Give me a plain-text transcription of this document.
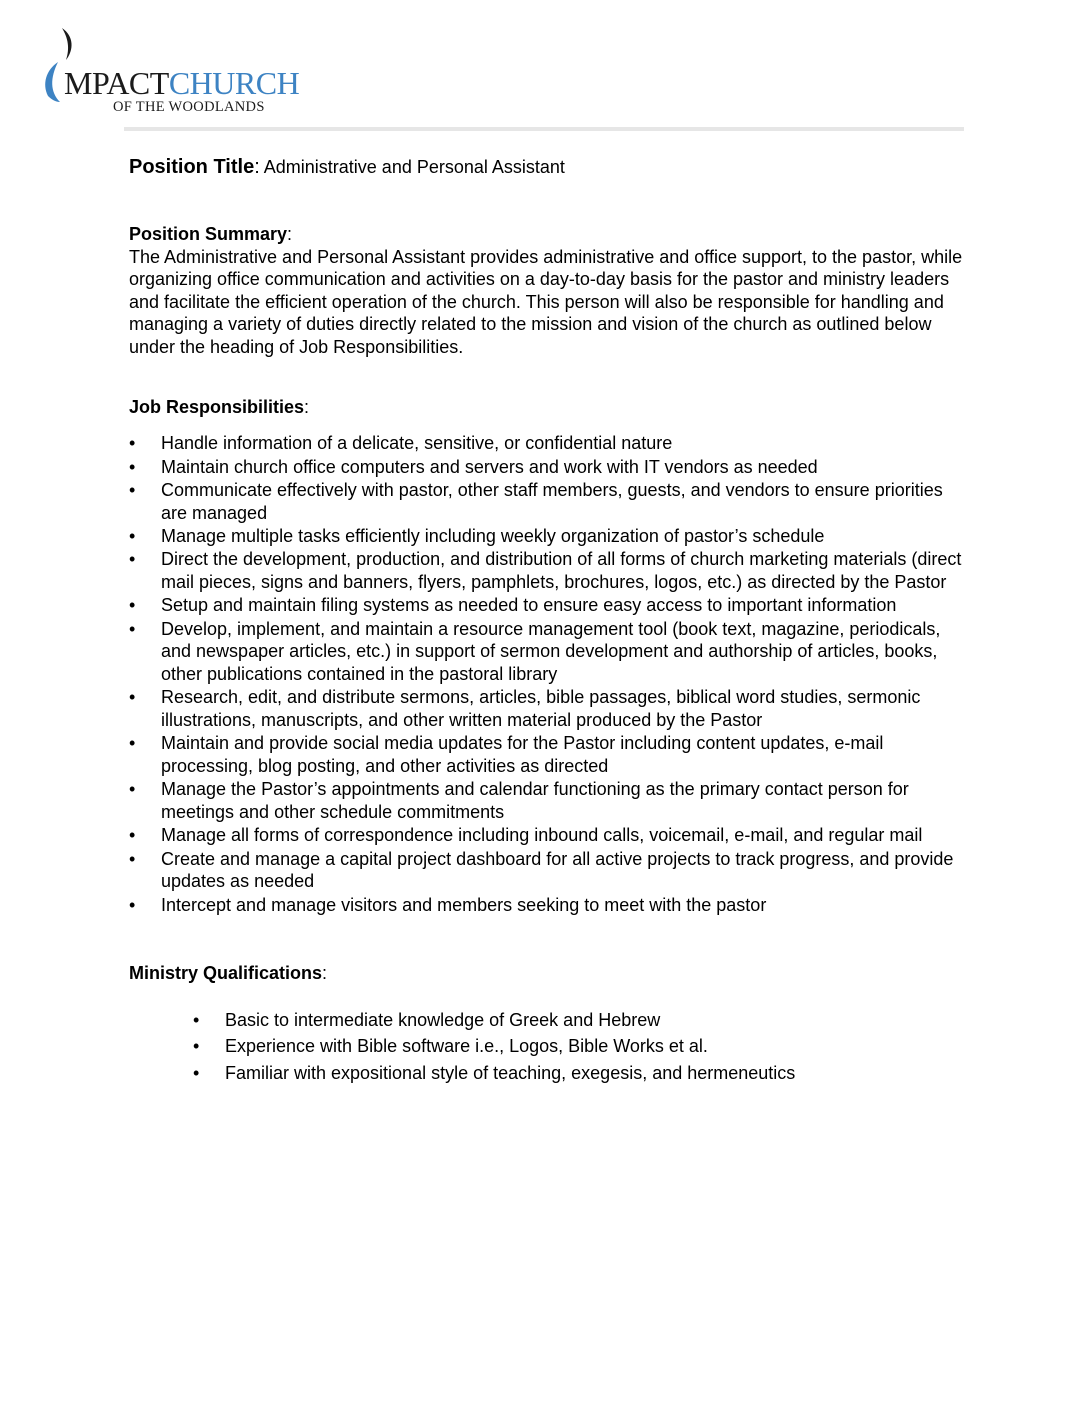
MPACTCHURCH
OF THE WOODLANDS

Position Title: Administrative and Personal Assistant

Position Summary:

The Administrative and Personal Assistant provides administrative and office support, to the pastor, while organizing office communication and activities on a day-to-day basis for the pastor and ministry leaders and facilitate the efficient operation of the church. This person will also be responsible for handling and managing a variety of duties directly related to the mission and vision of the church as outlined below under the heading of Job Responsibilities.

Job Responsibilities:

• Handle information of a delicate, sensitive, or confidential nature
• Maintain church office computers and servers and work with IT vendors as needed
• Communicate effectively with pastor, other staff members, guests, and vendors to ensure priorities are managed
• Manage multiple tasks efficiently including weekly organization of pastor’s schedule
• Direct the development, production, and distribution of all forms of church marketing materials (direct mail pieces, signs and banners, flyers, pamphlets, brochures, logos, etc.) as directed by the Pastor
• Setup and maintain filing systems as needed to ensure easy access to important information
• Develop, implement, and maintain a resource management tool (book text, magazine, periodicals, and newspaper articles, etc.) in support of sermon development and authorship of articles, books, other publications contained in the pastoral library
• Research, edit, and distribute sermons, articles, bible passages, biblical word studies, sermonic illustrations, manuscripts, and other written material produced by the Pastor
• Maintain and provide social media updates for the Pastor including content updates, e-mail processing, blog posting, and other activities as directed
• Manage the Pastor’s appointments and calendar functioning as the primary contact person for meetings and other schedule commitments
• Manage all forms of correspondence including inbound calls, voicemail, e-mail, and regular mail
• Create and manage a capital project dashboard for all active projects to track progress, and provide updates as needed
• Intercept and manage visitors and members seeking to meet with the pastor

Ministry Qualifications:

• Basic to intermediate knowledge of Greek and Hebrew
• Experience with Bible software i.e., Logos, Bible Works et al.
• Familiar with expositional style of teaching, exegesis, and hermeneutics
